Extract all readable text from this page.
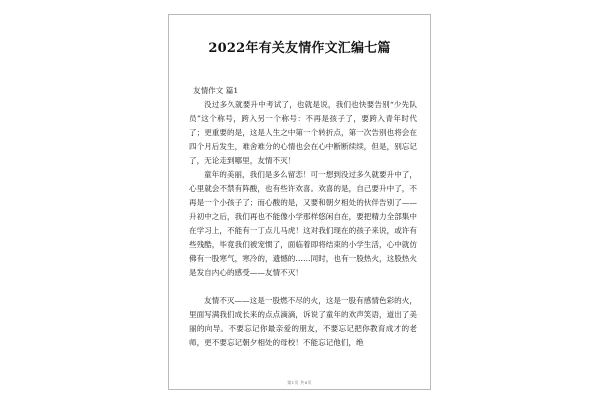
2022年有关友情作文汇编七篇
友情作文 篇1

没过多久就要升中考试了，也就是说，我们也快要告别“少先队员”这个称号，跨入另一个称号：不再是孩子了，要跨入青年时代了；更重要的是，这是人生之中第一个转折点，第一次告别也将会在四个月后发生，难舍难分的心情也会在心中断断续续，但是，别忘记了，无论走到哪里，友情不灭！

童年的美丽，我们是多么留恋！可一想到没过多久就要升中了，心里就会不禁有阵酸，也有些许欢喜。欢喜的是，自己要升中了，不再是一个小孩子了；而心酸的是，又要和朝夕相处的伙伴告别了——升初中之后，我们再也不能像小学那样悠闲自在，要把精力全部集中在学习上，不能有一丁点儿马虎！这对我们现在的孩子来说，或许有些残酷，毕竟我们被宠惯了，面临着即将结束的小学生活，心中就仿佛有一股寒气，寒冷的，遗憾的……同时，也有一股热火，这股热火是发自内心的感受——友情不灭！

友情不灭——这是一股燃不尽的火，这是一股有感情色彩的火，里面写满我们成长来的点点滴滴，诉说了童年的欢声笑语，道出了美丽的向导。不要忘记你最亲爱的朋友，不要忘记把你教育成才的老师，更不要忘记朝夕相处的母校！不能忘记他们，绝

第1页 共8页
